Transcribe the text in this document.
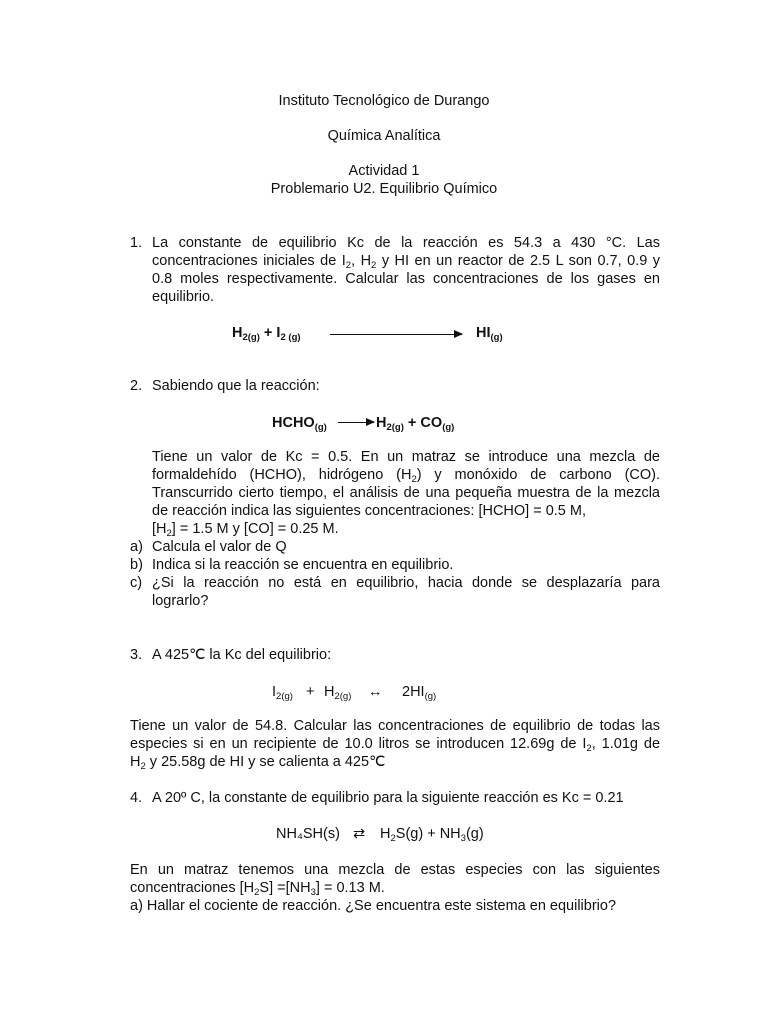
Instituto Tecnológico de Durango
Química Analítica
Actividad 1
Problemario U2. Equilibrio Químico
1. La constante de equilibrio Kc de la reacción es 54.3 a 430 °C. Las
concentraciones iniciales de $I_2$, $H_2$ y HI en un reactor de 2.5 L son 0.7, 0.9 y
0.8 moles respectivamente. Calcular las concentraciones de los gases en
equilibrio.
$H_{2(g)} + I_2$ $_{(g)}$	$HI_{(g)}$
2. Sabiendo que la reacción:
$HCHO_{(g)} \to H_{2(g)} + CO_{(g)}$
Tiene un valor de Kc = 0.5. En un matraz se introduce una mezcla de
formaldehído (HCHO), hidrógeno $(H_2)$ y monóxido de carbono (CO).
Transcurrido cierto tiempo, el análisis de una pequeña muestra de la mezcla
de reacción indica las siguientes concentraciones: [HCHO] = 0.5 M,
$[H_2] = 1.5$ M y [CO] = 0.25 M.
a) Calcula el valor de Q
b) Indica si la reacción se encuentra en equilibrio.
c) ¿Si la reacción no está en equilibrio, hacia donde se desplazaría para
lograrlo?
3. A 425℃ la Kc del equilibrio:
$I_{2(g)} + H_{2(g)}$ ↔ $2HI_{(g)}$
Tiene un valor de 54.8. Calcular las concentraciones de equilibrio de todas las
especies si en un recipiente de 10.0 litros se introducen 12.69g de $I_2$, 1.01g de
$H_2$ y 25.58g de HI y se calienta a 425℃
4. A 20º C, la constante de equilibrio para la siguiente reacción es Kc = 0.21
NH₄SH(s) ⇄ $H_2S(g) + NH_3(g)$
En un matraz tenemos una mezcla de estas especies con las siguientes
concentraciones $[H_2S] =[NH_3] = 0.13$ M.
a) Hallar el cociente de reacción. ¿Se encuentra este sistema en equilibrio?
